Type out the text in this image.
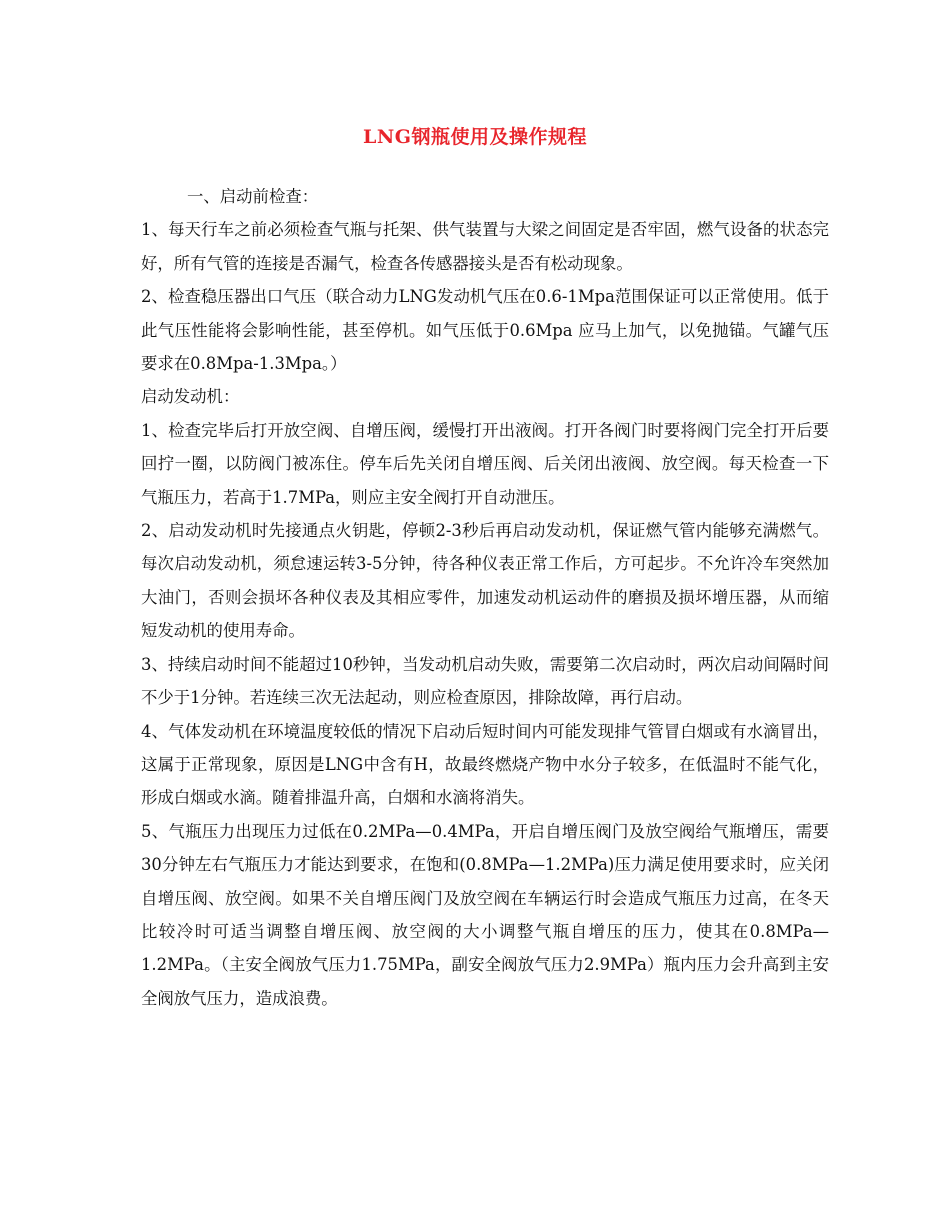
LNG钢瓶使用及操作规程

一、启动前检查：

1、每天行车之前必须检查气瓶与托架、供气装置与大梁之间固定是否牢固，燃气设备的状态完好，所有气管的连接是否漏气，检查各传感器接头是否有松动现象。

2、检查稳压器出口气压（联合动力LNG发动机气压在0.6-1Mpa范围保证可以正常使用。低于此气压性能将会影响性能，甚至停机。如气压低于0.6Mpa 应马上加气，以免抛锚。气罐气压要求在0.8Mpa-1.3Mpa。）

启动发动机：

1、检查完毕后打开放空阀、自增压阀，缓慢打开出液阀。打开各阀门时要将阀门完全打开后要回拧一圈，以防阀门被冻住。停车后先关闭自增压阀、后关闭出液阀、放空阀。每天检查一下气瓶压力，若高于1.7MPa，则应主安全阀打开自动泄压。

2、启动发动机时先接通点火钥匙，停顿2-3秒后再启动发动机，保证燃气管内能够充满燃气。每次启动发动机，须怠速运转3-5分钟，待各种仪表正常工作后，方可起步。不允许冷车突然加大油门，否则会损坏各种仪表及其相应零件，加速发动机运动件的磨损及损坏增压器，从而缩短发动机的使用寿命。

3、持续启动时间不能超过10秒钟，当发动机启动失败，需要第二次启动时，两次启动间隔时间不少于1分钟。若连续三次无法起动，则应检查原因，排除故障，再行启动。

4、气体发动机在环境温度较低的情况下启动后短时间内可能发现排气管冒白烟或有水滴冒出，这属于正常现象，原因是LNG中含有H，故最终燃烧产物中水分子较多，在低温时不能气化，形成白烟或水滴。随着排温升高，白烟和水滴将消失。

5、气瓶压力出现压力过低在0.2MPa—0.4MPa，开启自增压阀门及放空阀给气瓶增压，需要30分钟左右气瓶压力才能达到要求，在饱和(0.8MPa—1.2MPa)压力满足使用要求时，应关闭自增压阀、放空阀。如果不关自增压阀门及放空阀在车辆运行时会造成气瓶压力过高，在冬天比较冷时可适当调整自增压阀、放空阀的大小调整气瓶自增压的压力，使其在0.8MPa—1.2MPa。（主安全阀放气压力1.75MPa，副安全阀放气压力2.9MPa）瓶内压力会升高到主安全阀放气压力，造成浪费。
